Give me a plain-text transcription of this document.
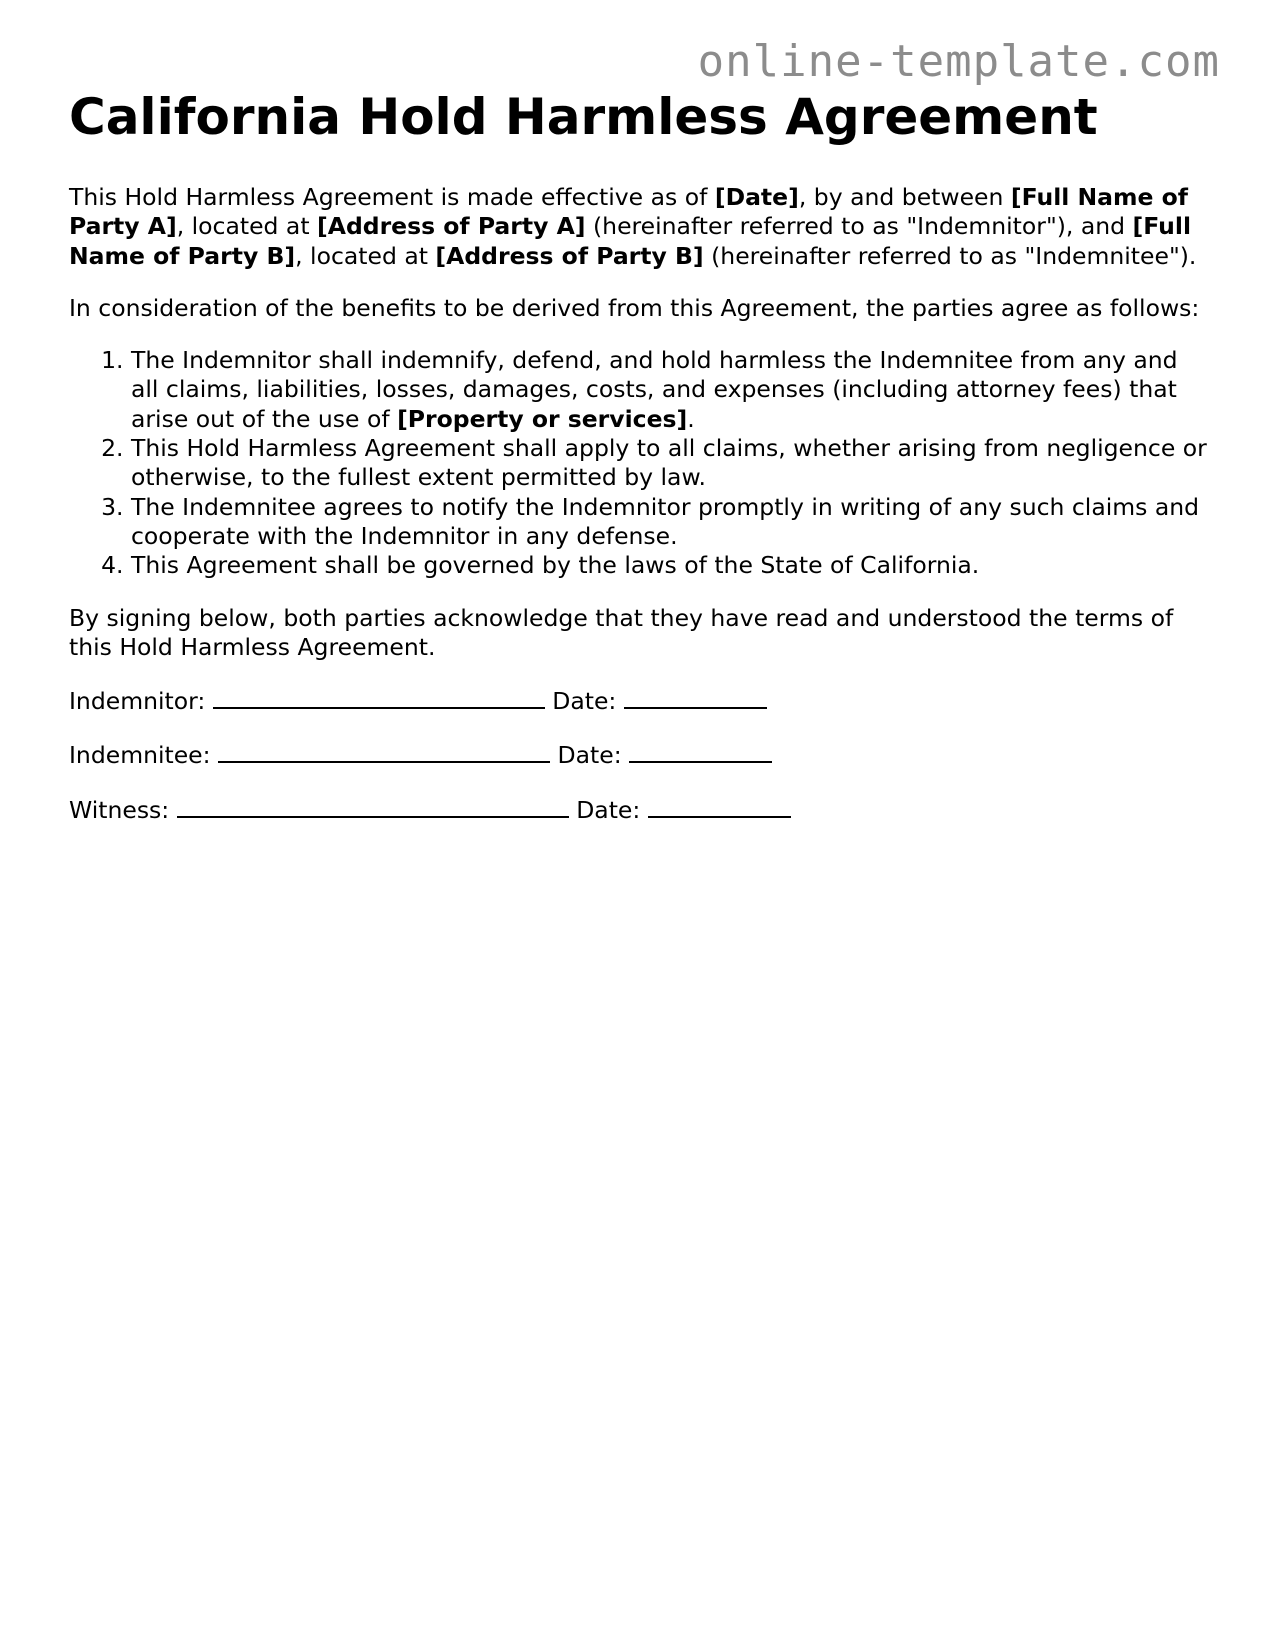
online-template.com
California Hold Harmless Agreement

This Hold Harmless Agreement is made effective as of [Date], by and between [Full Name of Party A], located at [Address of Party A] (hereinafter referred to as "Indemnitor"), and [Full Name of Party B], located at [Address of Party B] (hereinafter referred to as "Indemnitee").

In consideration of the benefits to be derived from this Agreement, the parties agree as follows:

1. The Indemnitor shall indemnify, defend, and hold harmless the Indemnitee from any and all claims, liabilities, losses, damages, costs, and expenses (including attorney fees) that arise out of the use of [Property or services].
2. This Hold Harmless Agreement shall apply to all claims, whether arising from negligence or otherwise, to the fullest extent permitted by law.
3. The Indemnitee agrees to notify the Indemnitor promptly in writing of any such claims and cooperate with the Indemnitor in any defense.
4. This Agreement shall be governed by the laws of the State of California.

By signing below, both parties acknowledge that they have read and understood the terms of this Hold Harmless Agreement.

Indemnitor:	Date:

Indemnitee:	Date:

Witness:	Date:
